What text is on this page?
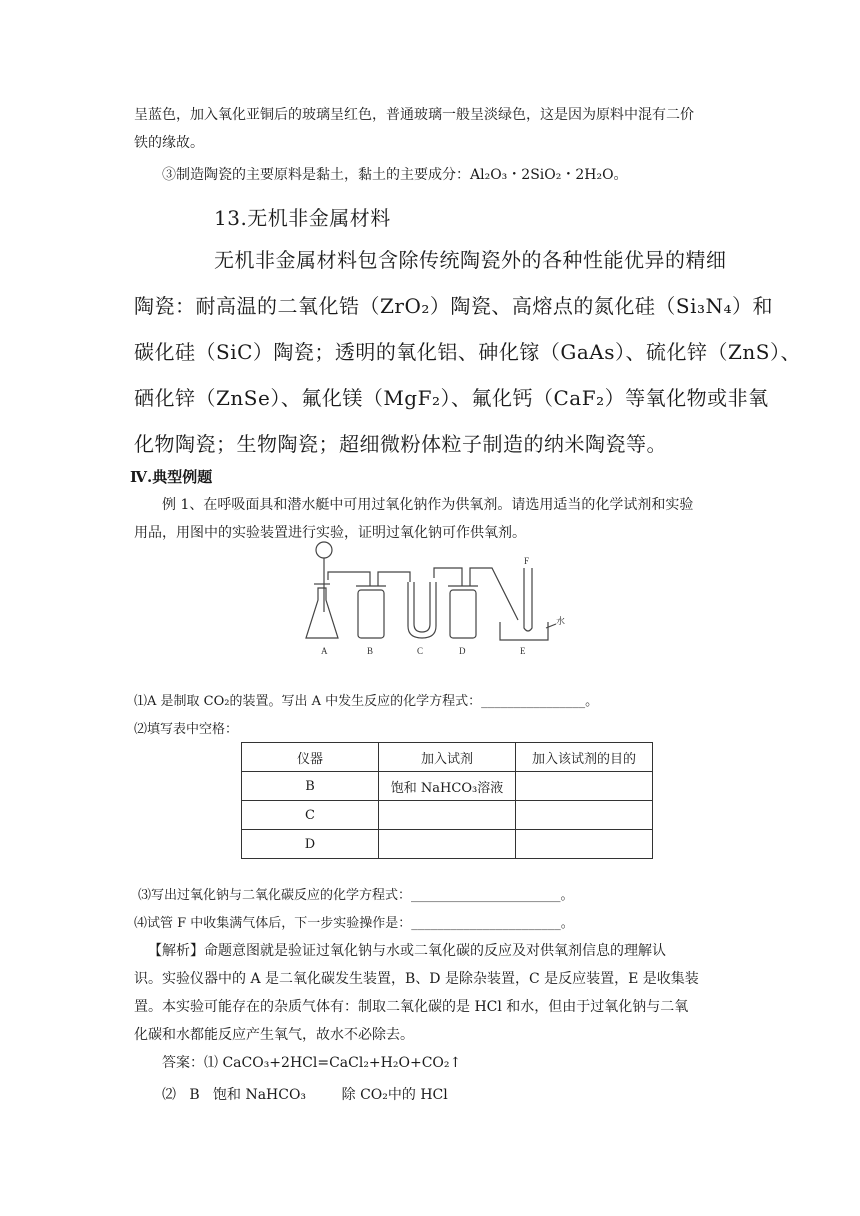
呈蓝色，加入氧化亚铜后的玻璃呈红色，普通玻璃一般呈淡绿色，这是因为原料中混有二价
铁的缘故。
③制造陶瓷的主要原料是黏土，黏土的主要成分：Al₂O₃・2SiO₂・2H₂O。
13.无机非金属材料
无机非金属材料包含除传统陶瓷外的各种性能优异的精细
陶瓷：耐高温的二氧化锆（ZrO₂）陶瓷、高熔点的氮化硅（Si₃N₄）和
碳化硅（SiC）陶瓷；透明的氧化铝、砷化镓（GaAs）、硫化锌（ZnS）、
硒化锌（ZnSe）、氟化镁（MgF₂）、氟化钙（CaF₂）等氧化物或非氧
化物陶瓷；生物陶瓷；超细微粉体粒子制造的纳米陶瓷等。
Ⅳ.典型例题
例 1、在呼吸面具和潜水艇中可用过氧化钠作为供氧剂。请选用适当的化学试剂和实验
用品，用图中的实验装置进行实验，证明过氧化钠可作供氧剂。
A	B	C	D	E
F
水
⑴A 是制取 CO₂的装置。写出 A 中发生反应的化学方程式：________________。
⑵填写表中空格：
仪器	加入试剂	加入该试剂的目的
B	饱和 NaHCO₃溶液	
C		
D		
⑶写出过氧化钠与二氧化碳反应的化学方程式：_______________________。
⑷试管 F 中收集满气体后，下一步实验操作是：_______________________。
【解析】命题意图就是验证过氧化钠与水或二氧化碳的反应及对供氧剂信息的理解认
识。实验仪器中的 A 是二氧化碳发生装置，B、D 是除杂装置，C 是反应装置，E 是收集装
置。本实验可能存在的杂质气体有：制取二氧化碳的是 HCl 和水，但由于过氧化钠与二氧
化碳和水都能反应产生氧气，故水不必除去。
答案：⑴ CaCO₃+2HCl=CaCl₂+H₂O+CO₂↑
⑵   B   饱和 NaHCO₃        除 CO₂中的 HCl
